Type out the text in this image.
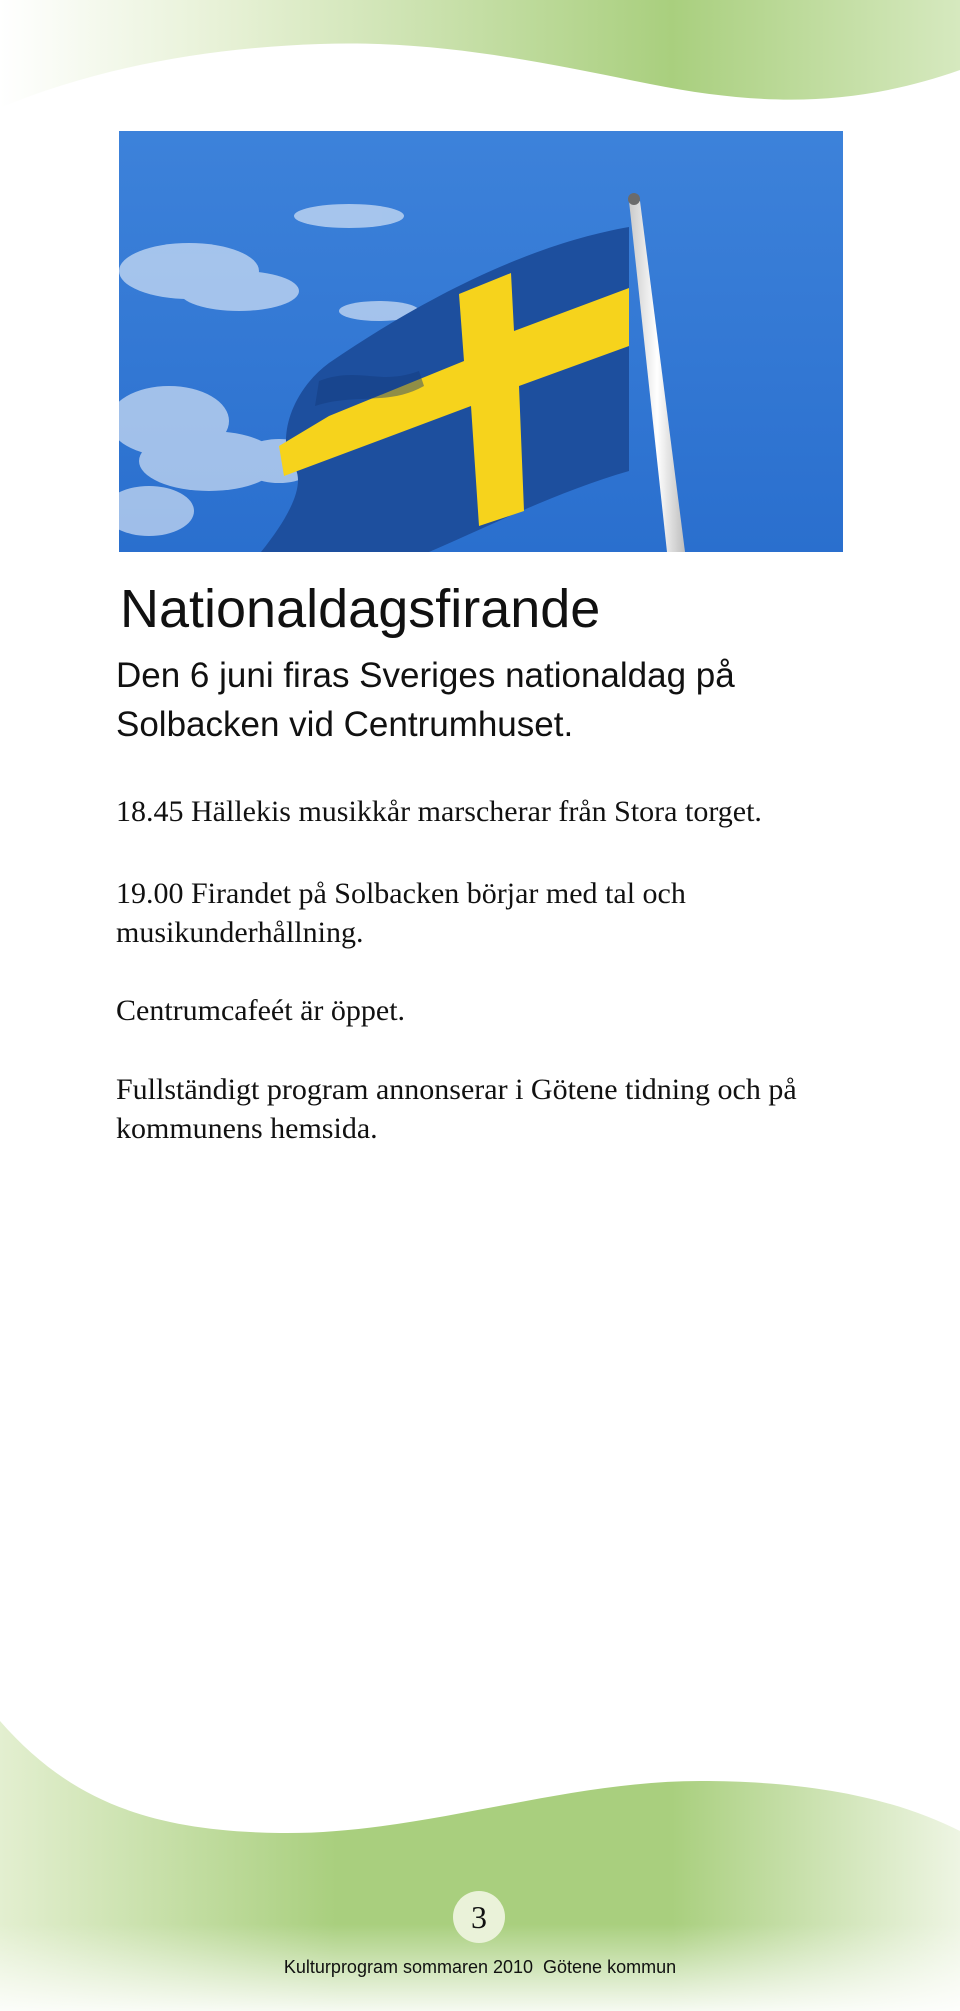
Nationaldagsfirande

Den 6 juni firas Sveriges nationaldag på Solbacken vid Centrumhuset.

18.45 Hällekis musikkår marscherar från Stora torget.

19.00 Firandet på Solbacken börjar med tal och musikunderhållning.

Centrumcafeét är öppet.

Fullständigt program annonserar i Götene tidning och på kommunens hemsida.

3
Kulturprogram sommaren 2010  Götene kommun
